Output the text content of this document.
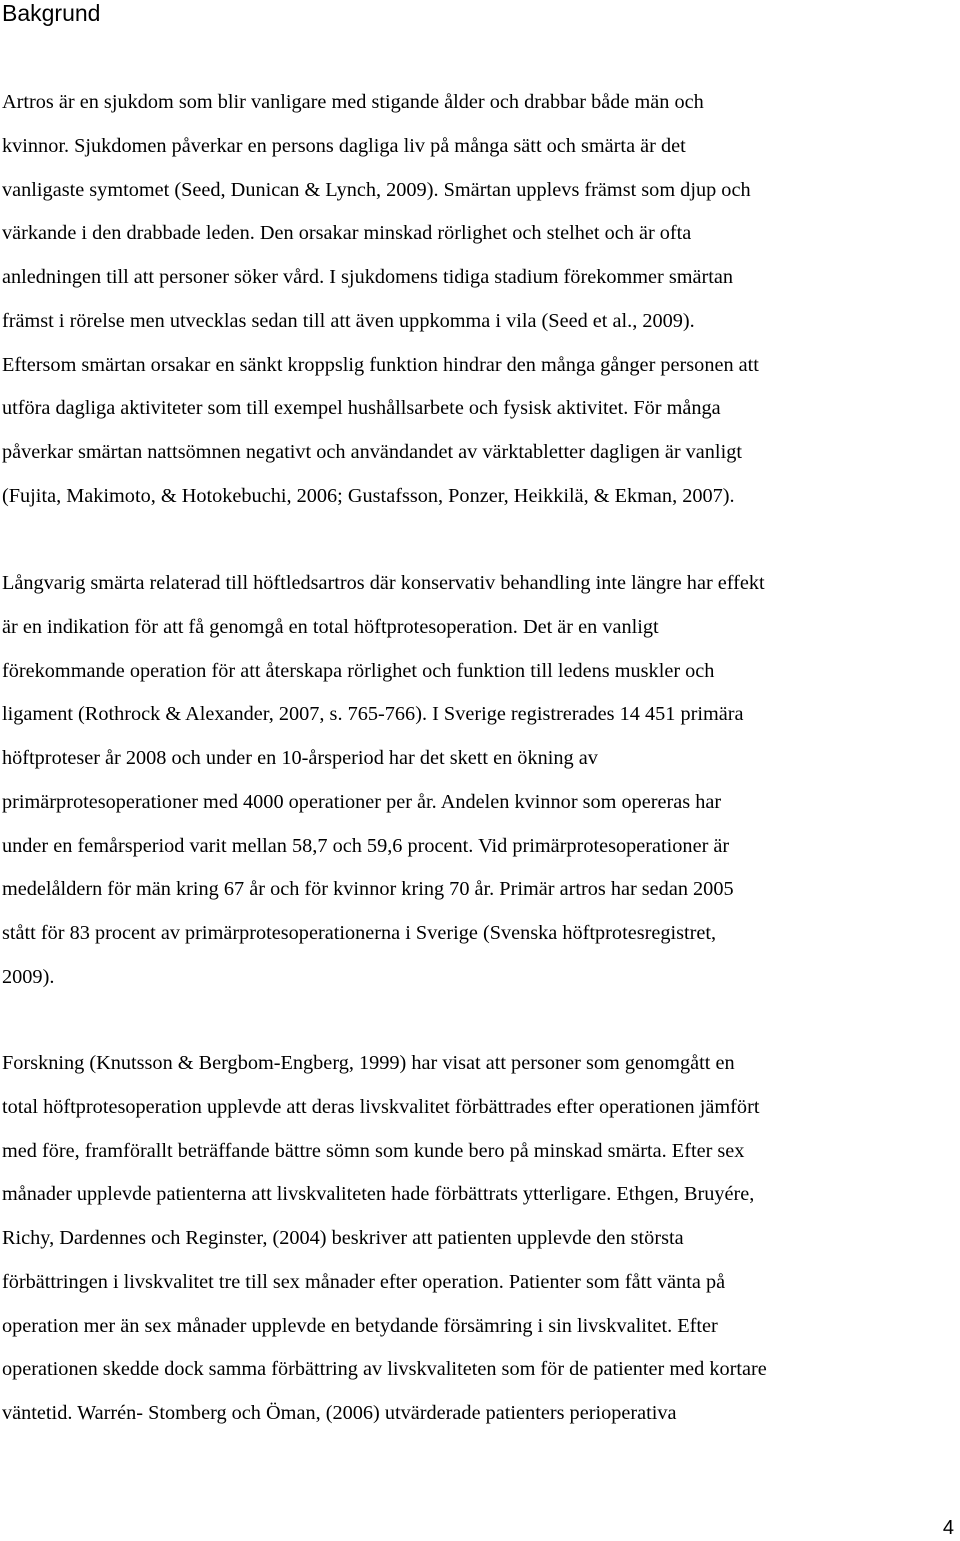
Bakgrund
Artros är en sjukdom som blir vanligare med stigande ålder och drabbar både män och
kvinnor. Sjukdomen påverkar en persons dagliga liv på många sätt och smärta är det
vanligaste symtomet (Seed, Dunican & Lynch, 2009). Smärtan upplevs främst som djup och
värkande i den drabbade leden. Den orsakar minskad rörlighet och stelhet och är ofta
anledningen till att personer söker vård. I sjukdomens tidiga stadium förekommer smärtan
främst i rörelse men utvecklas sedan till att även uppkomma i vila (Seed et al., 2009).
Eftersom smärtan orsakar en sänkt kroppslig funktion hindrar den många gånger personen att
utföra dagliga aktiviteter som till exempel hushållsarbete och fysisk aktivitet. För många
påverkar smärtan nattsömnen negativt och användandet av värktabletter dagligen är vanligt
(Fujita, Makimoto, & Hotokebuchi, 2006; Gustafsson, Ponzer, Heikkilä, & Ekman, 2007).
Långvarig smärta relaterad till höftledsartros där konservativ behandling inte längre har effekt
är en indikation för att få genomgå en total höftprotesoperation. Det är en vanligt
förekommande operation för att återskapa rörlighet och funktion till ledens muskler och
ligament (Rothrock & Alexander, 2007, s. 765-766). I Sverige registrerades 14 451 primära
höftproteser år 2008 och under en 10-årsperiod har det skett en ökning av
primärprotesoperationer med 4000 operationer per år. Andelen kvinnor som opereras har
under en femårsperiod varit mellan 58,7 och 59,6 procent. Vid primärprotesoperationer är
medelåldern för män kring 67 år och för kvinnor kring 70 år. Primär artros har sedan 2005
stått för 83 procent av primärprotesoperationerna i Sverige (Svenska höftprotesregistret,
2009).
Forskning (Knutsson & Bergbom-Engberg, 1999) har visat att personer som genomgått en
total höftprotesoperation upplevde att deras livskvalitet förbättrades efter operationen jämfört
med före, framförallt beträffande bättre sömn som kunde bero på minskad smärta. Efter sex
månader upplevde patienterna att livskvaliteten hade förbättrats ytterligare. Ethgen, Bruyére,
Richy, Dardennes och Reginster, (2004) beskriver att patienten upplevde den största
förbättringen i livskvalitet tre till sex månader efter operation. Patienter som fått vänta på
operation mer än sex månader upplevde en betydande försämring i sin livskvalitet. Efter
operationen skedde dock samma förbättring av livskvaliteten som för de patienter med kortare
väntetid. Warrén- Stomberg och Öman, (2006) utvärderade patienters perioperativa
4
